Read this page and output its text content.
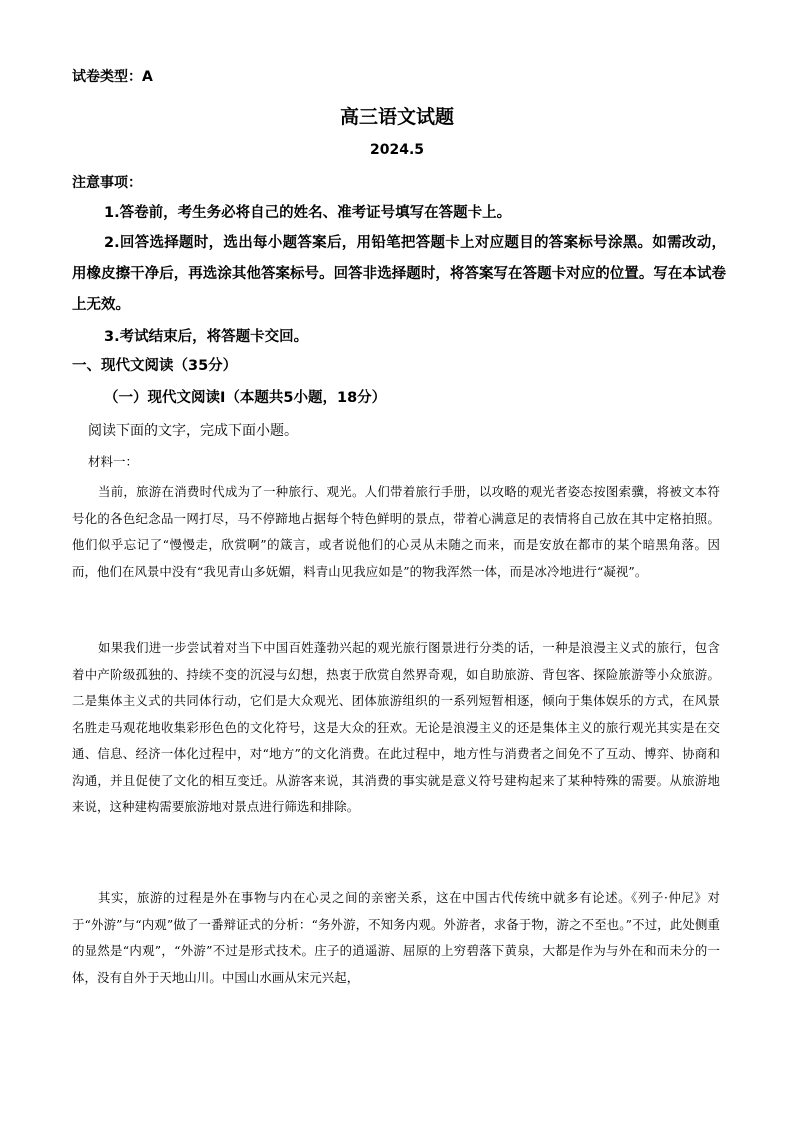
试卷类型：A
高三语文试题
2024.5
注意事项：
1.答卷前，考生务必将自己的姓名、准考证号填写在答题卡上。
2.回答选择题时，选出每小题答案后，用铅笔把答题卡上对应题目的答案标号涂黑。如需改动，用橡皮擦干净后，再选涂其他答案标号。回答非选择题时，将答案写在答题卡对应的位置。写在本试卷上无效。
3.考试结束后，将答题卡交回。
一、现代文阅读（35分）
（一）现代文阅读Ⅰ（本题共5小题，18分）
阅读下面的文字，完成下面小题。
材料一：
当前，旅游在消费时代成为了一种旅行、观光。人们带着旅行手册，以攻略的观光者姿态按图索骥，将被文本符号化的各色纪念品一网打尽，马不停蹄地占据每个特色鲜明的景点，带着心满意足的表情将自己放在其中定格拍照。他们似乎忘记了“慢慢走，欣赏啊”的箴言，或者说他们的心灵从未随之而来，而是安放在都市的某个暗黑角落。因而，他们在风景中没有“我见青山多妩媚，料青山见我应如是”的物我浑然一体，而是冰冷地进行“凝视”。
如果我们进一步尝试着对当下中国百姓蓬勃兴起的观光旅行图景进行分类的话，一种是浪漫主义式的旅行，包含着中产阶级孤独的、持续不变的沉浸与幻想，热衷于欣赏自然界奇观，如自助旅游、背包客、探险旅游等小众旅游。二是集体主义式的共同体行动，它们是大众观光、团体旅游组织的一系列短暂相逐，倾向于集体娱乐的方式，在风景名胜走马观花地收集彩形色色的文化符号，这是大众的狂欢。无论是浪漫主义的还是集体主义的旅行观光其实是在交通、信息、经济一体化过程中，对“地方”的文化消费。在此过程中，地方性与消费者之间免不了互动、博弈、协商和沟通，并且促使了文化的相互变迁。从游客来说，其消费的事实就是意义符号建构起来了某种特殊的需要。从旅游地来说，这种建构需要旅游地对景点进行筛选和排除。
其实，旅游的过程是外在事物与内在心灵之间的亲密关系，这在中国古代传统中就多有论述。《列子·仲尼》对于“外游”与“内观”做了一番辩证式的分析：“务外游，不知务内观。外游者，求备于物，游之不至也。”不过，此处侧重的显然是“内观”，“外游”不过是形式技术。庄子的逍遥游、屈原的上穷碧落下黄泉，大都是作为与外在和而未分的一体，没有自外于天地山川。中国山水画从宋元兴起，
